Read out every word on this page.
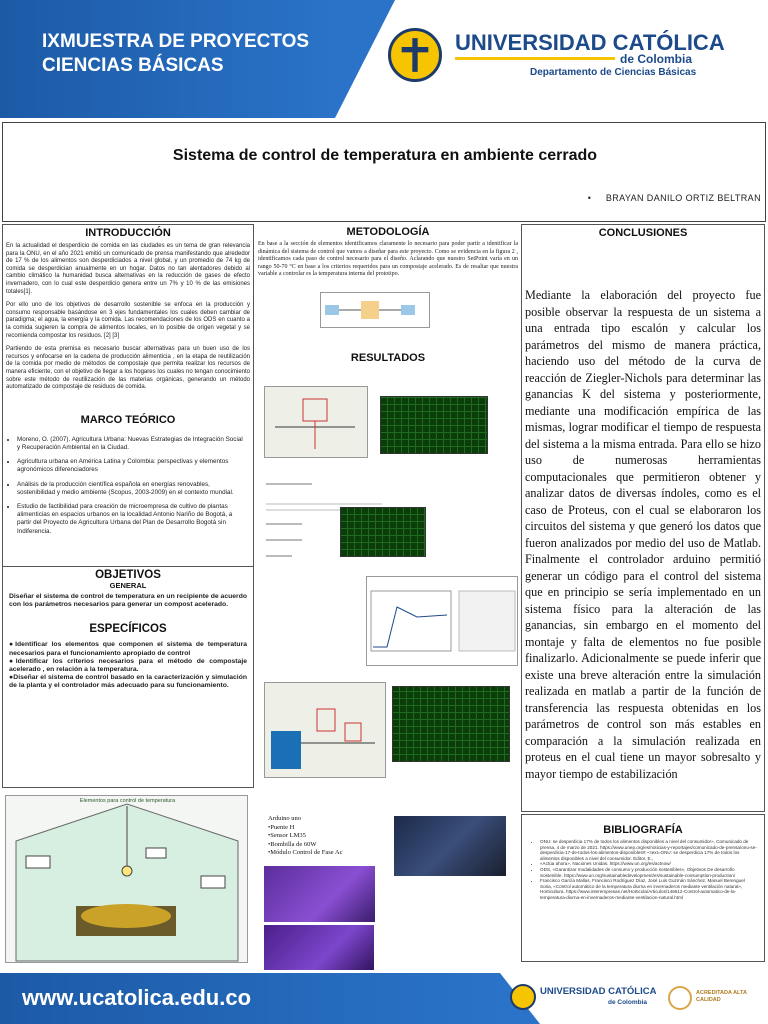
IXMUESTRA DE PROYECTOS
CIENCIAS BÁSICAS
UNIVERSIDAD CATÓLICA
de Colombia
Departamento de Ciencias Básicas
Sistema de control de temperatura en ambiente cerrado
•     BRAYAN DANILO ORTIZ BELTRAN
INTRODUCCIÓN
En la actualidad el desperdicio de comida en las ciudades es un tema de gran relevancia para la ONU, en el año 2021 emitió un comunicado de prensa manifestando que alrededor de 17 % de los alimentos son desperdiciados a nivel global, y un promedio de 74 kg de comida se desperdician anualmente en un hogar. Datos no tan alentadores debido al cambio climático la humanidad busca alternativas en la reducción de gases de efecto invernadero, con lo cual este desperdicio genera entre un 7% y 10 % de las emisiones totales[1].
Por ello uno de los objetivos de desarrollo sostenible se enfoca en la producción y consumo responsable basándose en 3 ejes fundamentales los cuales deben cambiar de paradigma; el agua, la energía y la comida. Las recomendaciones de los ODS en cuanto a la comida sugieren la compra de alimentos locales, en lo posible de origen vegetal y se recomienda compostar los residuos. [2] [3]
Partiendo de esta premisa es necesario buscar alternativas para un buen uso de los recursos y enfocarse en la cadena de producción alimenticia , en la etapa de reutilización de la comida por medio de métodos de compostaje que permita realizar los recursos de manera eficiente, con el objetivo de llegar a los hogares los cuales no tengan conocimiento sobre este método de reutilización de las materias orgánicas, generando un método automatizado de compostaje de residuos de comida.
MARCO TEÓRICO
• Moreno, O. (2007). Agricultura Urbana: Nuevas Estrategias de Integración Social y Recuperación Ambiental en la Ciudad.
• Agricultura urbana en América Latina y Colombia: perspectivas y elementos agronómicos diferenciadores
• Análisis de la producción científica española en energías renovables, sostenibilidad y medio ambiente (Scopus, 2003-2009) en el contexto mundial.
• Estudio de factibilidad para creación de microempresa de cultivo de plantas alimenticias en espacios urbanos en la localidad Antonio Nariño de Bogotá, a partir del Proyecto de Agricultura Urbana del Plan de Desarrollo Bogotá sin Indiferencia.
OBJETIVOS
GENERAL
Diseñar el sistema de control de temperatura en un recipiente de acuerdo con los parámetros necesarios para generar un compost acelerado.
ESPECÍFICOS
●Identificar los elementos que componen el sistema de temperatura necesarios para el funcionamiento apropiado de control
●Identificar los criterios necesarios para el método de compostaje acelerado , en relación a la temperatura.
●Diseñar el sistema de control basado en la caracterización y simulación de la planta y el controlador más adecuado para su funcionamiento.
Elementos para control de temperatura
METODOLOGÍA
En base a la sección de elementos identificamos claramente lo necesario para poder partir a identificar la dinámica del sistema de control que vamos a diseñar para este proyecto. Como se evidencia en la figura 2 , identificamos cada paso de control necesario para el diseño. Aclarando que nuestro SetPoint varía en un rango 50-70 °C en base a los criterios requeridos para un compostaje acelerado. Es de resaltar que nuestra variable a controlar es la temperatura interna del prototipo.
RESULTADOS
Arduino uno
•Puente H
•Sensor LM35
•Bombilla de 60W
•Módulo Control de Fase Ac
CONCLUSIONES
Mediante la elaboración del proyecto fue posible observar la respuesta de un sistema a una entrada tipo escalón y calcular los parámetros del mismo de manera práctica, haciendo uso del método de la curva de reacción de Ziegler-Nichols para determinar las ganancias K del sistema y posteriormente, mediante una modificación empírica de las mismas, lograr modificar el tiempo de respuesta del sistema a la misma entrada. Para ello se hizo uso de numerosas herramientas computacionales que permitieron obtener y analizar datos de diversas índoles, como es el caso de Proteus, con el cual se elaboraron los circuitos del sistema y que generó los datos que fueron analizados por medio del uso de Matlab. Finalmente el controlador arduino permitió generar un código para el control del sistema que en principio se sería implementado en un sistema físico para la alteración de las ganancias, sin embargo en el momento del montaje y falta de elementos no fue posible finalizarlo. Adicionalmente se puede inferir que existe una breve alteración entre la simulación realizada en matlab a partir de la función de transferencia las respuesta obtenidas en los parámetros de control son más estables en comparación a la simulación realizada en proteus en el cual tiene un mayor sobresalto y mayor tiempo de estabilización
BIBLIOGRAFÍA
• ONU: se desperdicia 17% de todos los alimentos disponibles a nivel del consumidor», Comunicado de prensa, 4 de marzo de 2021. https://www.unep.org/es/noticias-y-reportajes/comunicado-de-prensa/onu-se-desperdicia-17-de-todos-los-alimentos-disponibles#:~:text=ONU: se desperdicia 17% de todos los alimentos disponibles a nivel del consumidor. Editor, E.,
• «Actúa ahora», Naciones Unidas. https://www.un.org/es/actnow/
• ODS, «Garantizar modalidades de consumo y producción sostenibles», Objetivos De desarrollo Sostenible. https://www.un.org/sustainabledevelopment/es/sustainable-consumption-production/
• Francisco García Mallas, Francisco Rodríguez Díaz, José Luis Guzmán Sánchez, Manuel Berenguel Soria, «Control automático de la temperatura diurna en invernaderos mediante ventilación natural», Horticultura. https://www.interempresas.net/Horticola/Articulos/146612-Control-automatico-de-la-temperatura-diurna-en-invernaderos-mediante-ventilacion-natural.html
www.ucatolica.edu.co	UNIVERSIDAD CATÓLICA
de Colombia
ACREDITADA ALTA CALIDAD
